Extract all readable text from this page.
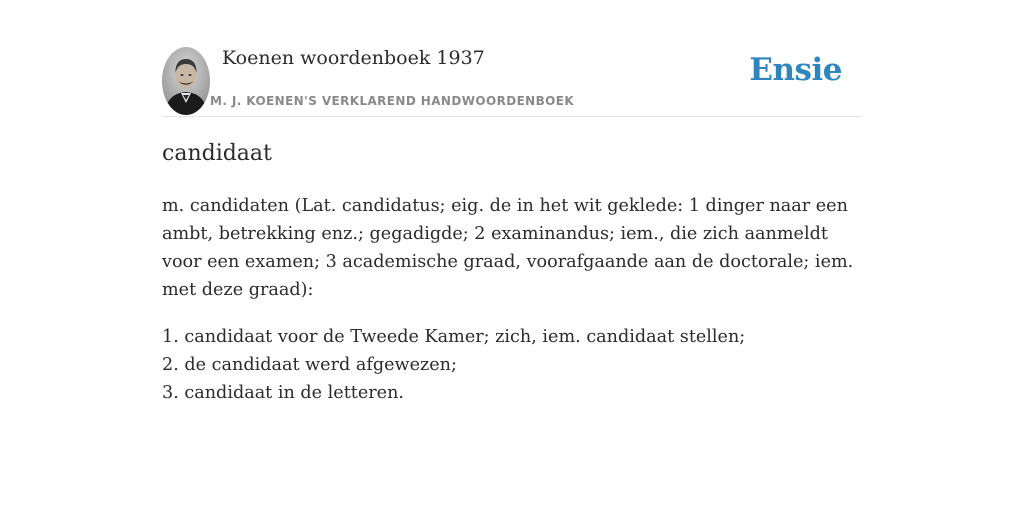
Koenen woordenboek 1937
M. J. KOENEN'S VERKLAREND HANDWOORDENBOEK
Ensie
candidaat

m. candidaten (Lat. candidatus; eig. de in het wit geklede: 1 dinger naar een ambt, betrekking enz.; gegadigde; 2 examinandus; iem., die zich aanmeldt voor een examen; 3 academische graad, voorafgaande aan de doctorale; iem. met deze graad):

1. candidaat voor de Tweede Kamer; zich, iem. candidaat stellen;
2. de candidaat werd afgewezen;
3. candidaat in de letteren.
